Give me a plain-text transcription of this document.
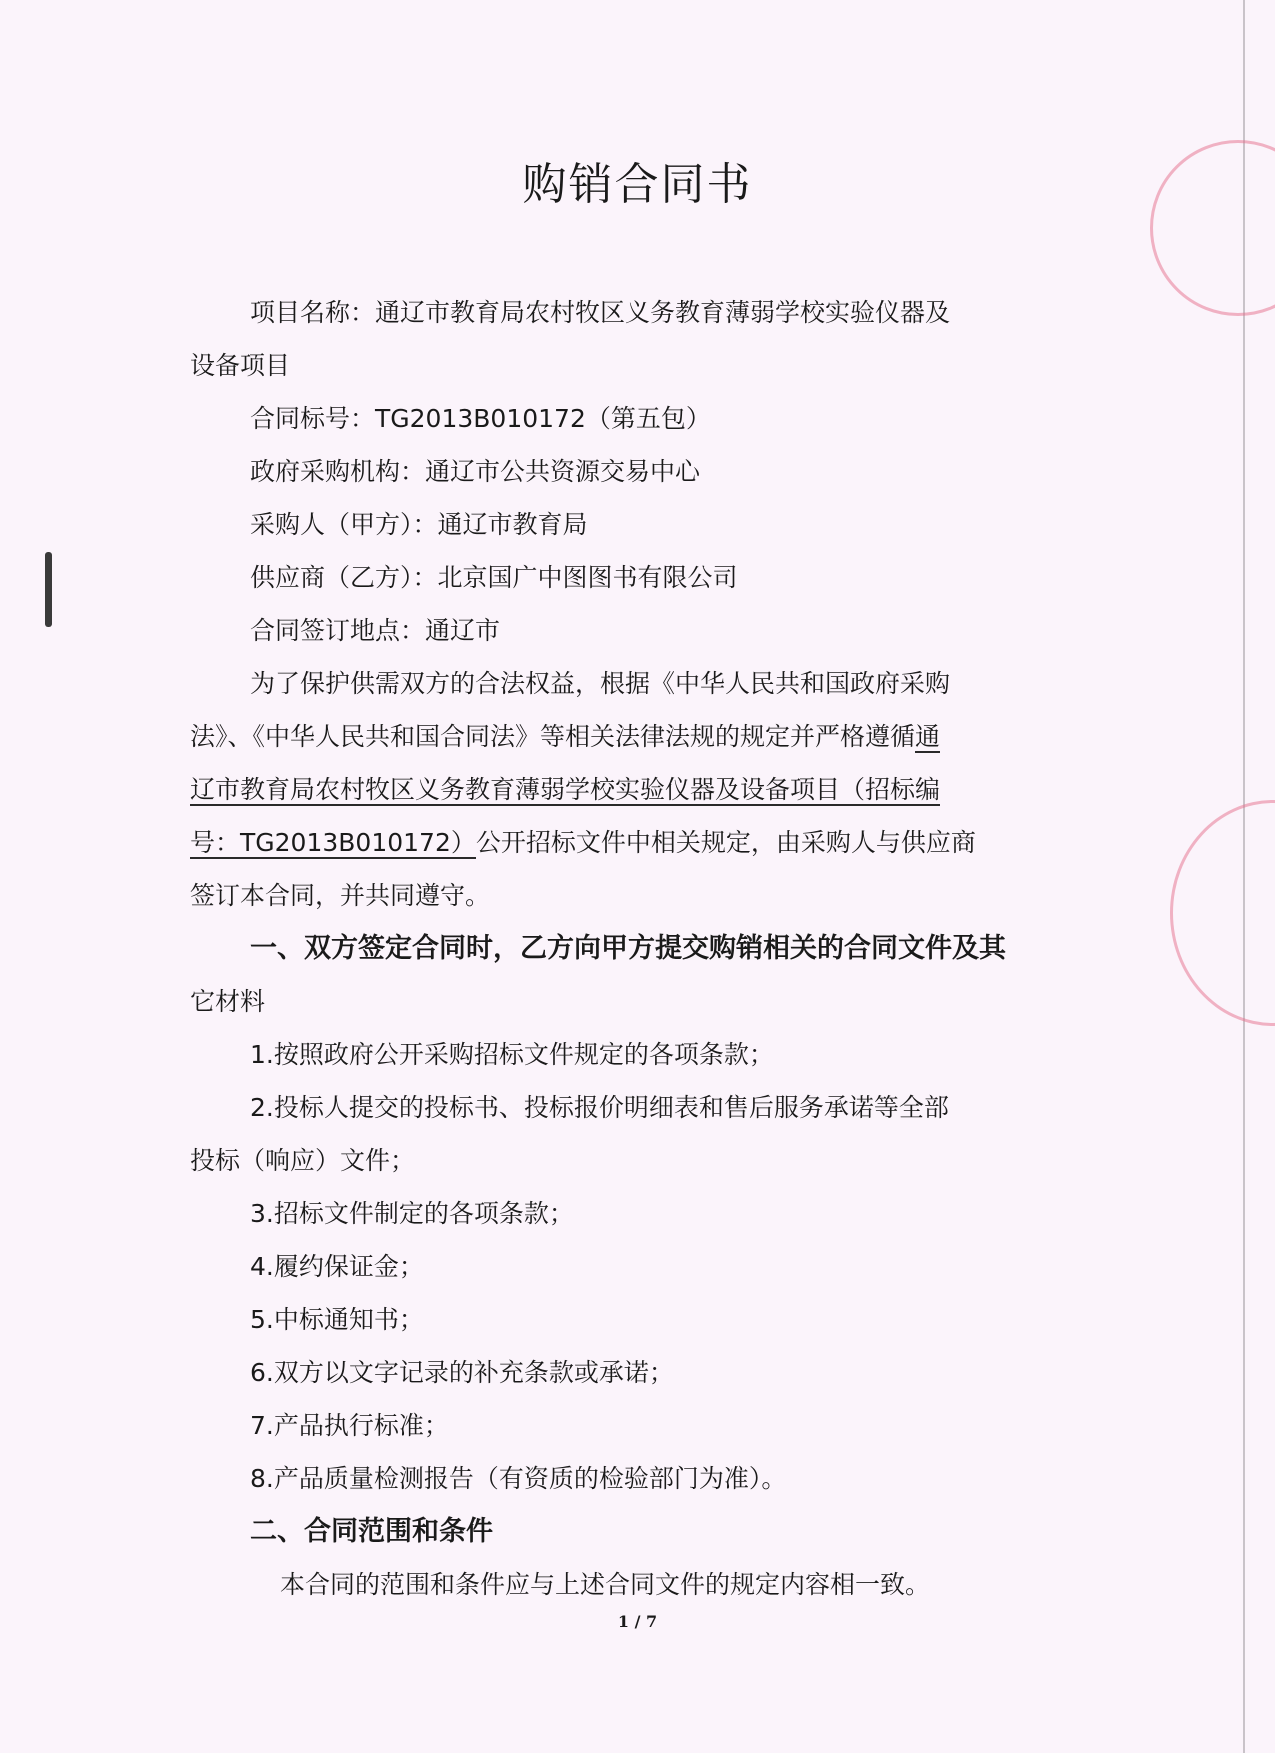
购销合同书
项目名称：通辽市教育局农村牧区义务教育薄弱学校实验仪器及
设备项目
合同标号：TG2013B010172（第五包）
政府采购机构：通辽市公共资源交易中心
采购人（甲方）：通辽市教育局
供应商（乙方）：北京国广中图图书有限公司
合同签订地点：通辽市
为了保护供需双方的合法权益，根据《中华人民共和国政府采购
法》、《中华人民共和国合同法》等相关法律法规的规定并严格遵循通
辽市教育局农村牧区义务教育薄弱学校实验仪器及设备项目（招标编
号：TG2013B010172）公开招标文件中相关规定，由采购人与供应商
签订本合同，并共同遵守。
一、双方签定合同时，乙方向甲方提交购销相关的合同文件及其
它材料
1.按照政府公开采购招标文件规定的各项条款；
2.投标人提交的投标书、投标报价明细表和售后服务承诺等全部
投标（响应）文件；
3.招标文件制定的各项条款；
4.履约保证金；
5.中标通知书；
6.双方以文字记录的补充条款或承诺；
7.产品执行标准；
8.产品质量检测报告（有资质的检验部门为准）。
二、合同范围和条件
本合同的范围和条件应与上述合同文件的规定内容相一致。
1 / 7
